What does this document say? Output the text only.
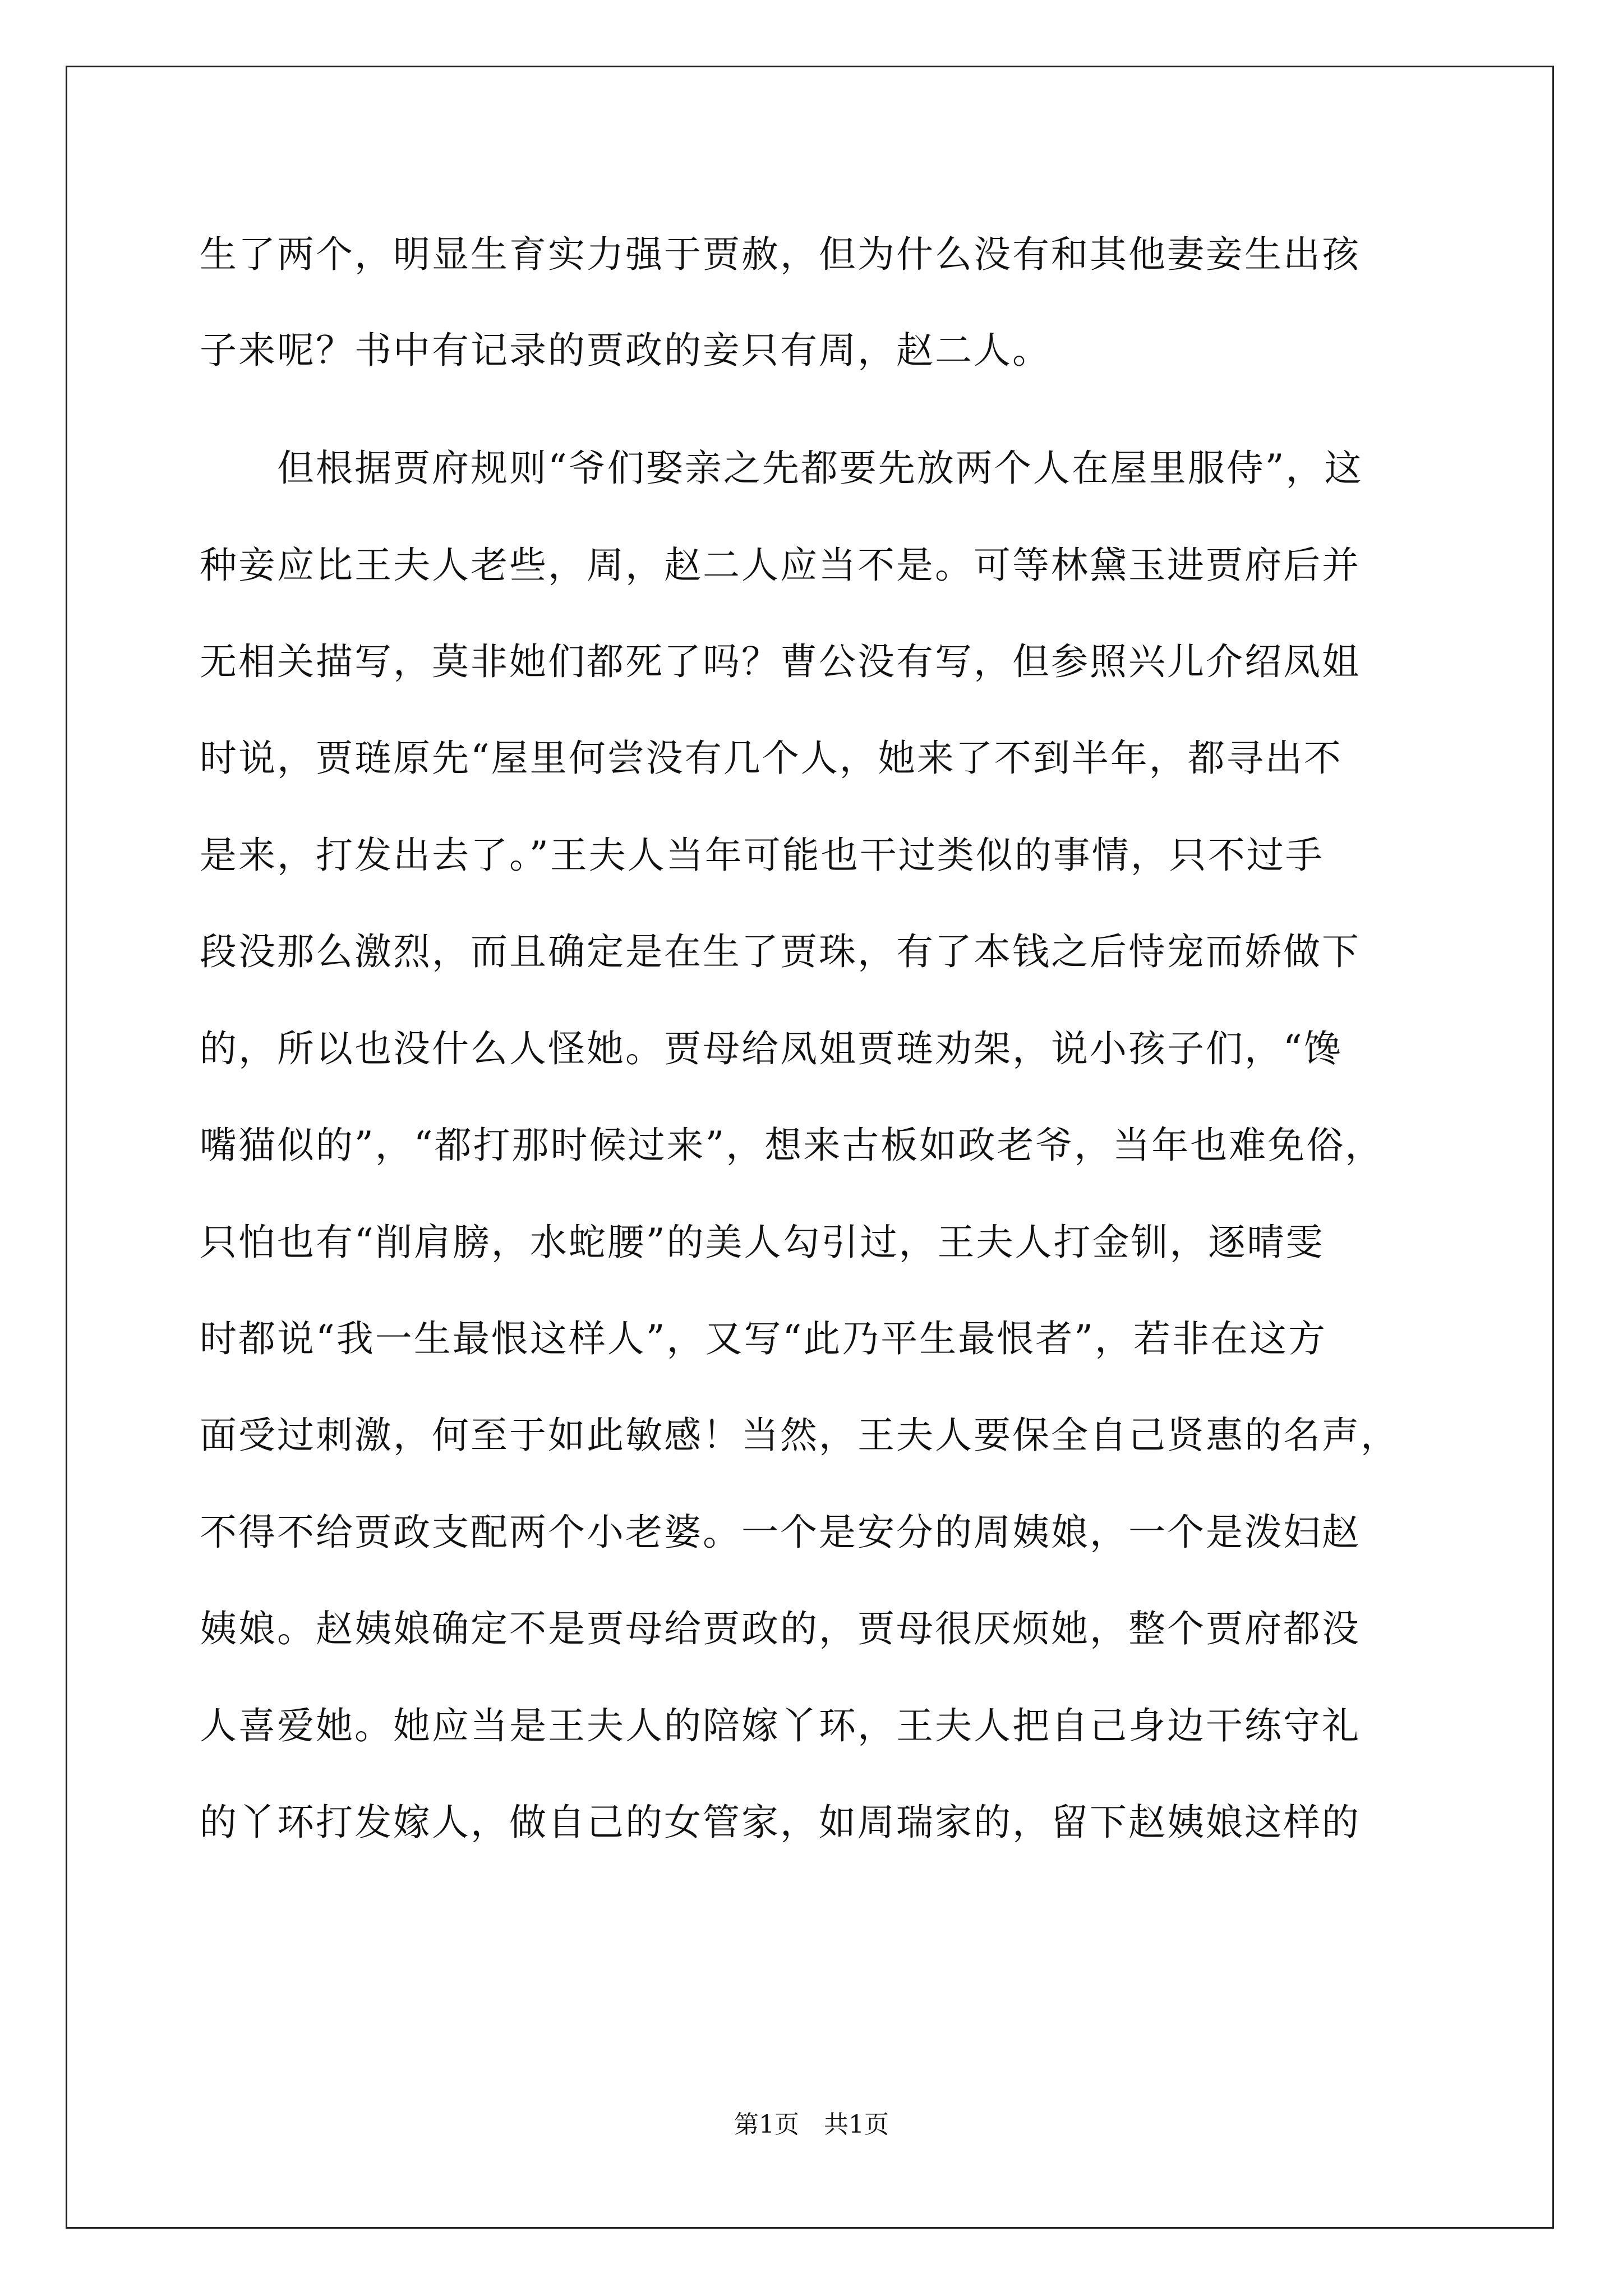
生了两个，明显生育实力强于贾赦，但为什么没有和其他妻妾生出孩
子来呢？书中有记录的贾政的妾只有周，赵二人。
　　但根据贾府规则“爷们娶亲之先都要先放两个人在屋里服侍”，这
种妾应比王夫人老些，周，赵二人应当不是。可等林黛玉进贾府后并
无相关描写，莫非她们都死了吗？曹公没有写，但参照兴儿介绍凤姐
时说，贾琏原先“屋里何尝没有几个人，她来了不到半年，都寻出不
是来，打发出去了。”王夫人当年可能也干过类似的事情，只不过手
段没那么激烈，而且确定是在生了贾珠，有了本钱之后恃宠而娇做下
的，所以也没什么人怪她。贾母给凤姐贾琏劝架，说小孩子们，“馋
嘴猫似的”，“都打那时候过来”，想来古板如政老爷，当年也难免俗，
只怕也有“削肩膀，水蛇腰”的美人勾引过，王夫人打金钏，逐晴雯
时都说“我一生最恨这样人”，又写“此乃平生最恨者”，若非在这方
面受过刺激，何至于如此敏感！当然，王夫人要保全自己贤惠的名声，
不得不给贾政支配两个小老婆。一个是安分的周姨娘，一个是泼妇赵
姨娘。赵姨娘确定不是贾母给贾政的，贾母很厌烦她，整个贾府都没
人喜爱她。她应当是王夫人的陪嫁丫环，王夫人把自己身边干练守礼
的丫环打发嫁人，做自己的女管家，如周瑞家的，留下赵姨娘这样的
第1页　共1页
